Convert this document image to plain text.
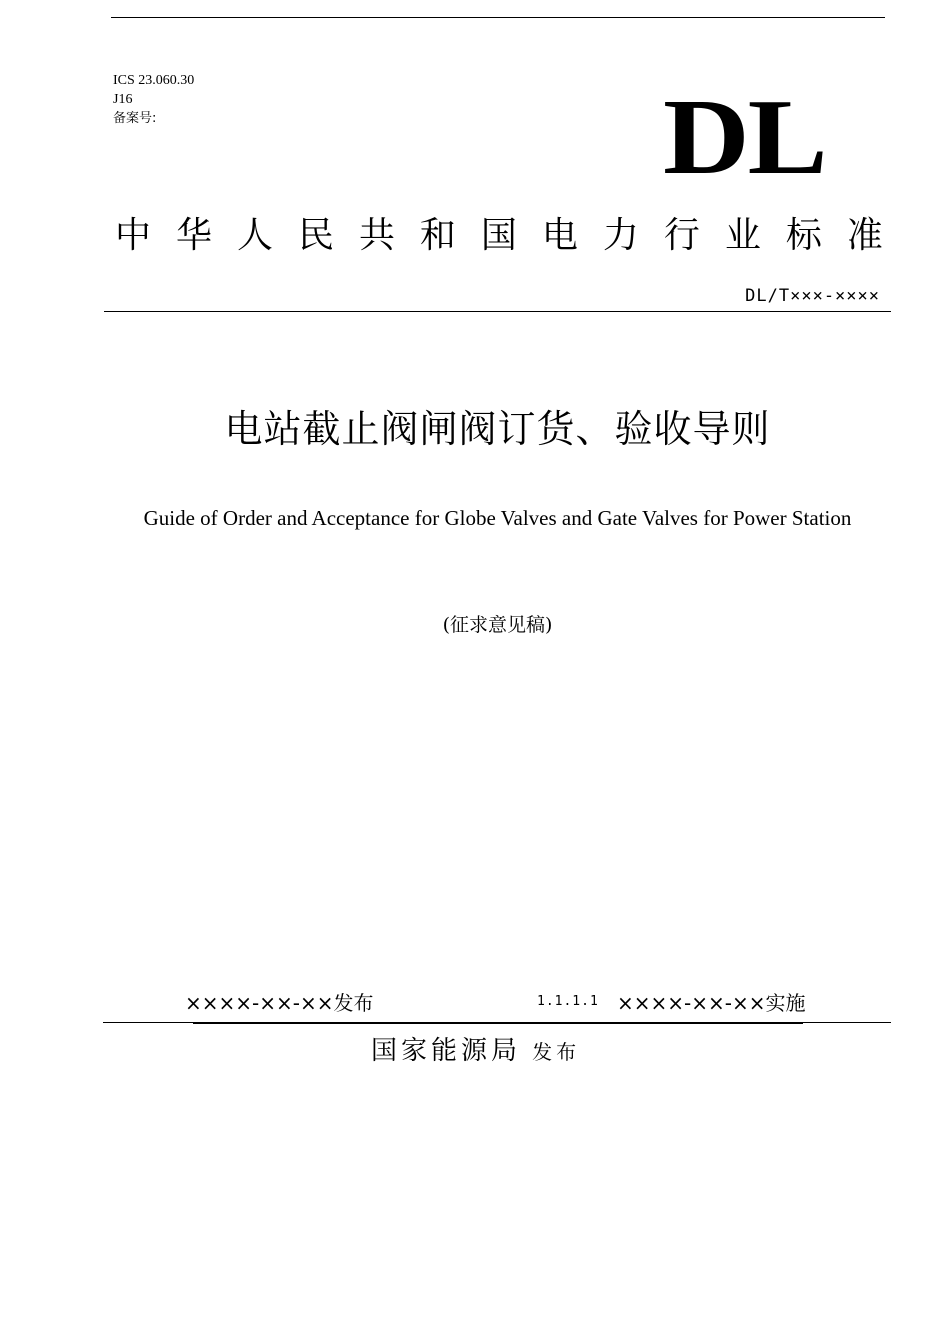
ICS 23.060.30
J16
备案号:	DL
中 华 人 民 共 和 国 电 力 行 业 标 准
DL/T×××-××××
电站截止阀闸阀订货、验收导则
Guide of Order and Acceptance for Globe Valves and Gate Valves for Power Station
(征求意见稿)
××××-××-××发布	1.1.1.1 ××××-××-××实施
国家能源局 发布
